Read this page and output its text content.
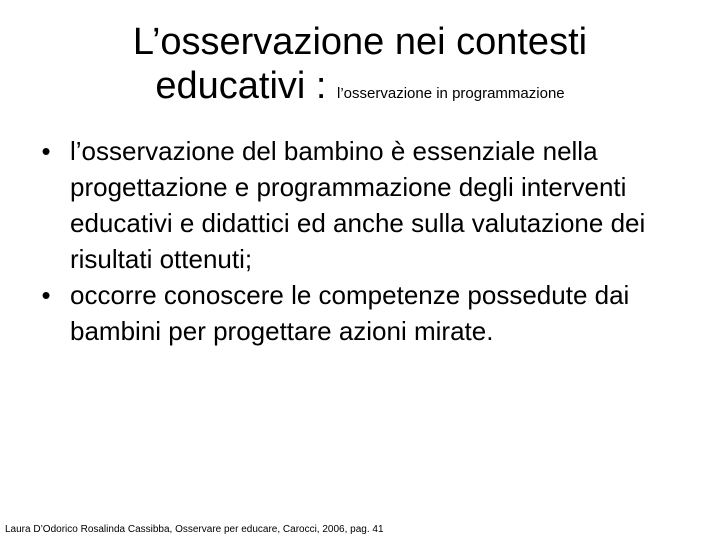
L’osservazione nei contesti
educativi : l’osservazione in programmazione
• l’osservazione del bambino è essenziale nella progettazione e programmazione degli interventi educativi e didattici ed anche sulla valutazione dei risultati ottenuti;
• occorre conoscere le competenze possedute dai bambini per progettare azioni mirate.
Laura D’Odorico Rosalinda Cassibba, Osservare per educare, Carocci, 2006, pag. 41
